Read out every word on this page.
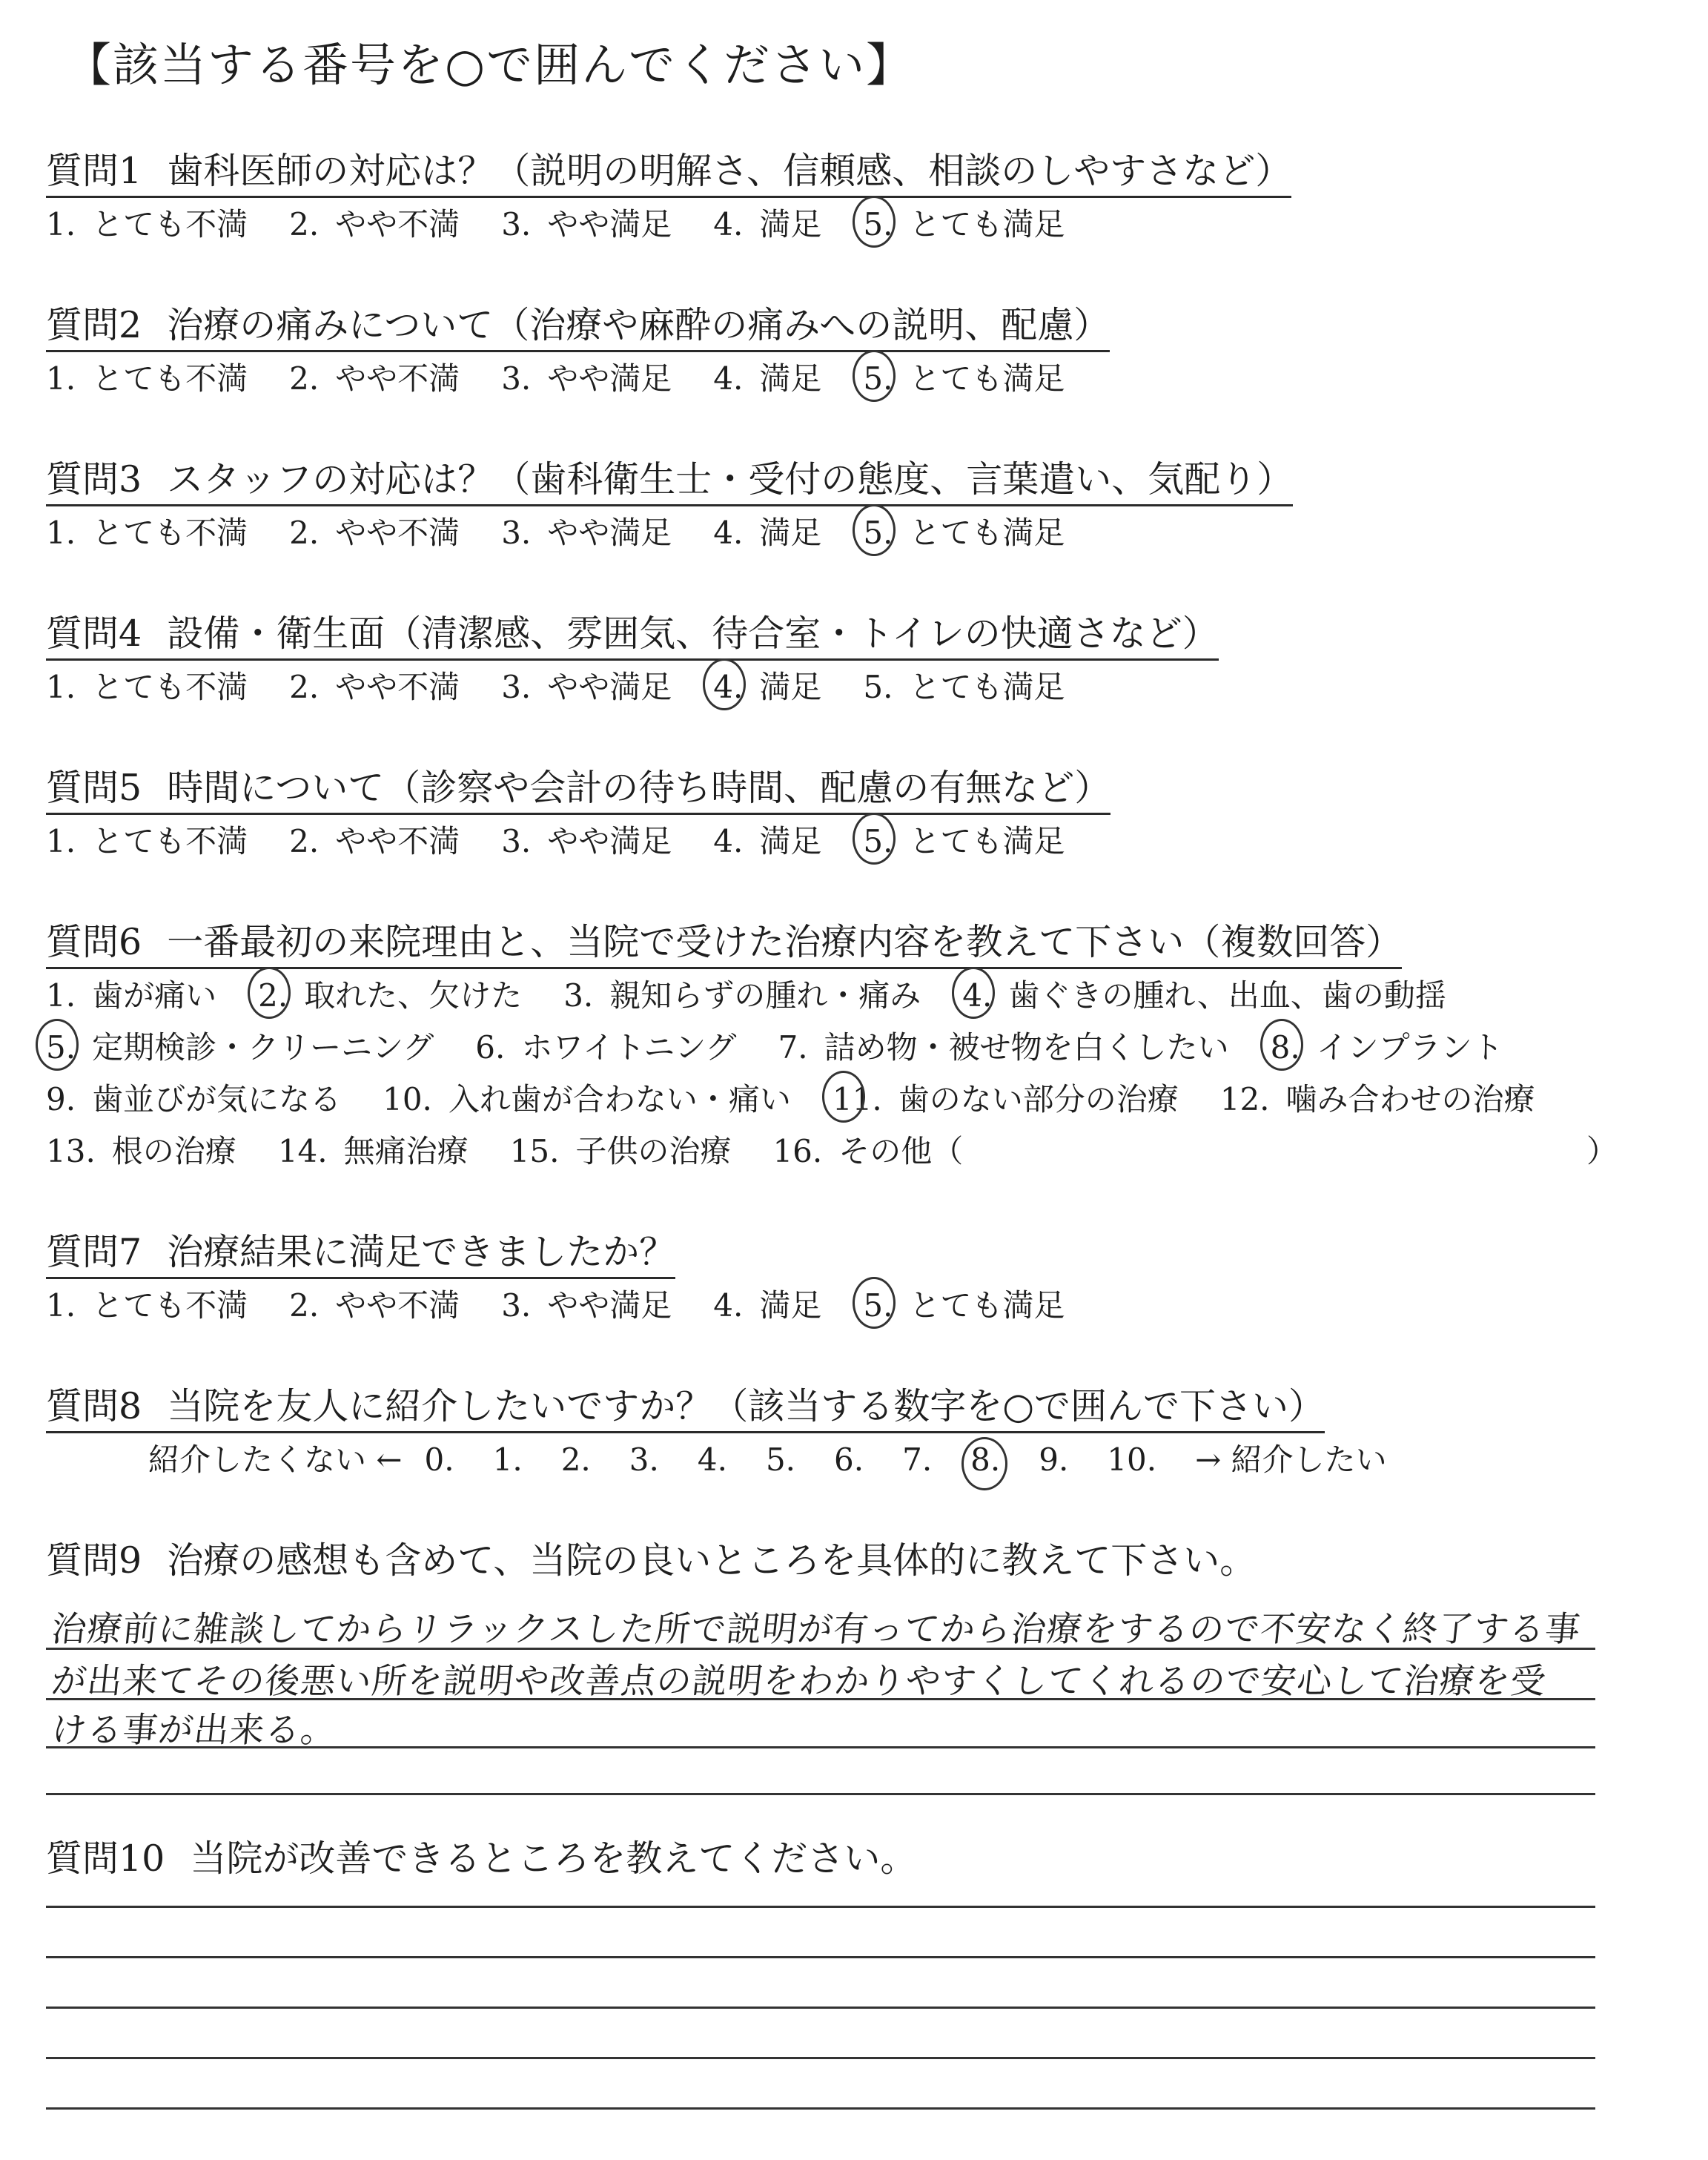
【該当する番号を○で囲んでください】
質問1 歯科医師の対応は？（説明の明解さ、信頼感、相談のしやすさなど）
1. とても不満 2. やや不満 3. やや満足 4. 満足 5. とても満足
質問2 治療の痛みについて（治療や麻酔の痛みへの説明、配慮）
1. とても不満 2. やや不満 3. やや満足 4. 満足 5. とても満足
質問3 スタッフの対応は？（歯科衛生士・受付の態度、言葉遣い、気配り）
1. とても不満 2. やや不満 3. やや満足 4. 満足 5. とても満足
質問4 設備・衛生面（清潔感、雰囲気、待合室・トイレの快適さなど）
1. とても不満 2. やや不満 3. やや満足 4. 満足 5. とても満足
質問5 時間について（診察や会計の待ち時間、配慮の有無など）
1. とても不満 2. やや不満 3. やや満足 4. 満足 5. とても満足
質問6 一番最初の来院理由と、当院で受けた治療内容を教えて下さい（複数回答）
1. 歯が痛い 2. 取れた、欠けた 3. 親知らずの腫れ・痛み 4. 歯ぐきの腫れ、出血、歯の動揺
5. 定期検診・クリーニング 6. ホワイトニング 7. 詰め物・被せ物を白くしたい 8. インプラント
9. 歯並びが気になる 10. 入れ歯が合わない・痛い 11. 歯のない部分の治療 12. 噛み合わせの治療
13. 根の治療 14. 無痛治療 15. 子供の治療 16. その他（	）
質問7 治療結果に満足できましたか？
1. とても不満 2. やや不満 3. やや満足 4. 満足 5. とても満足
質問8 当院を友人に紹介したいですか？（該当する数字を○で囲んで下さい）
紹介したくない ← 0. 1. 2. 3. 4. 5. 6. 7. 8. 9. 10. → 紹介したい
質問9 治療の感想も含めて、当院の良いところを具体的に教えて下さい。
治療前に雑談してからリラックスした所で説明が有ってから治療をするので不安なく終了する事
が出来てその後悪い所を説明や改善点の説明をわかりやすくしてくれるので安心して治療を受
ける事が出来る。
質問10 当院が改善できるところを教えてください。
